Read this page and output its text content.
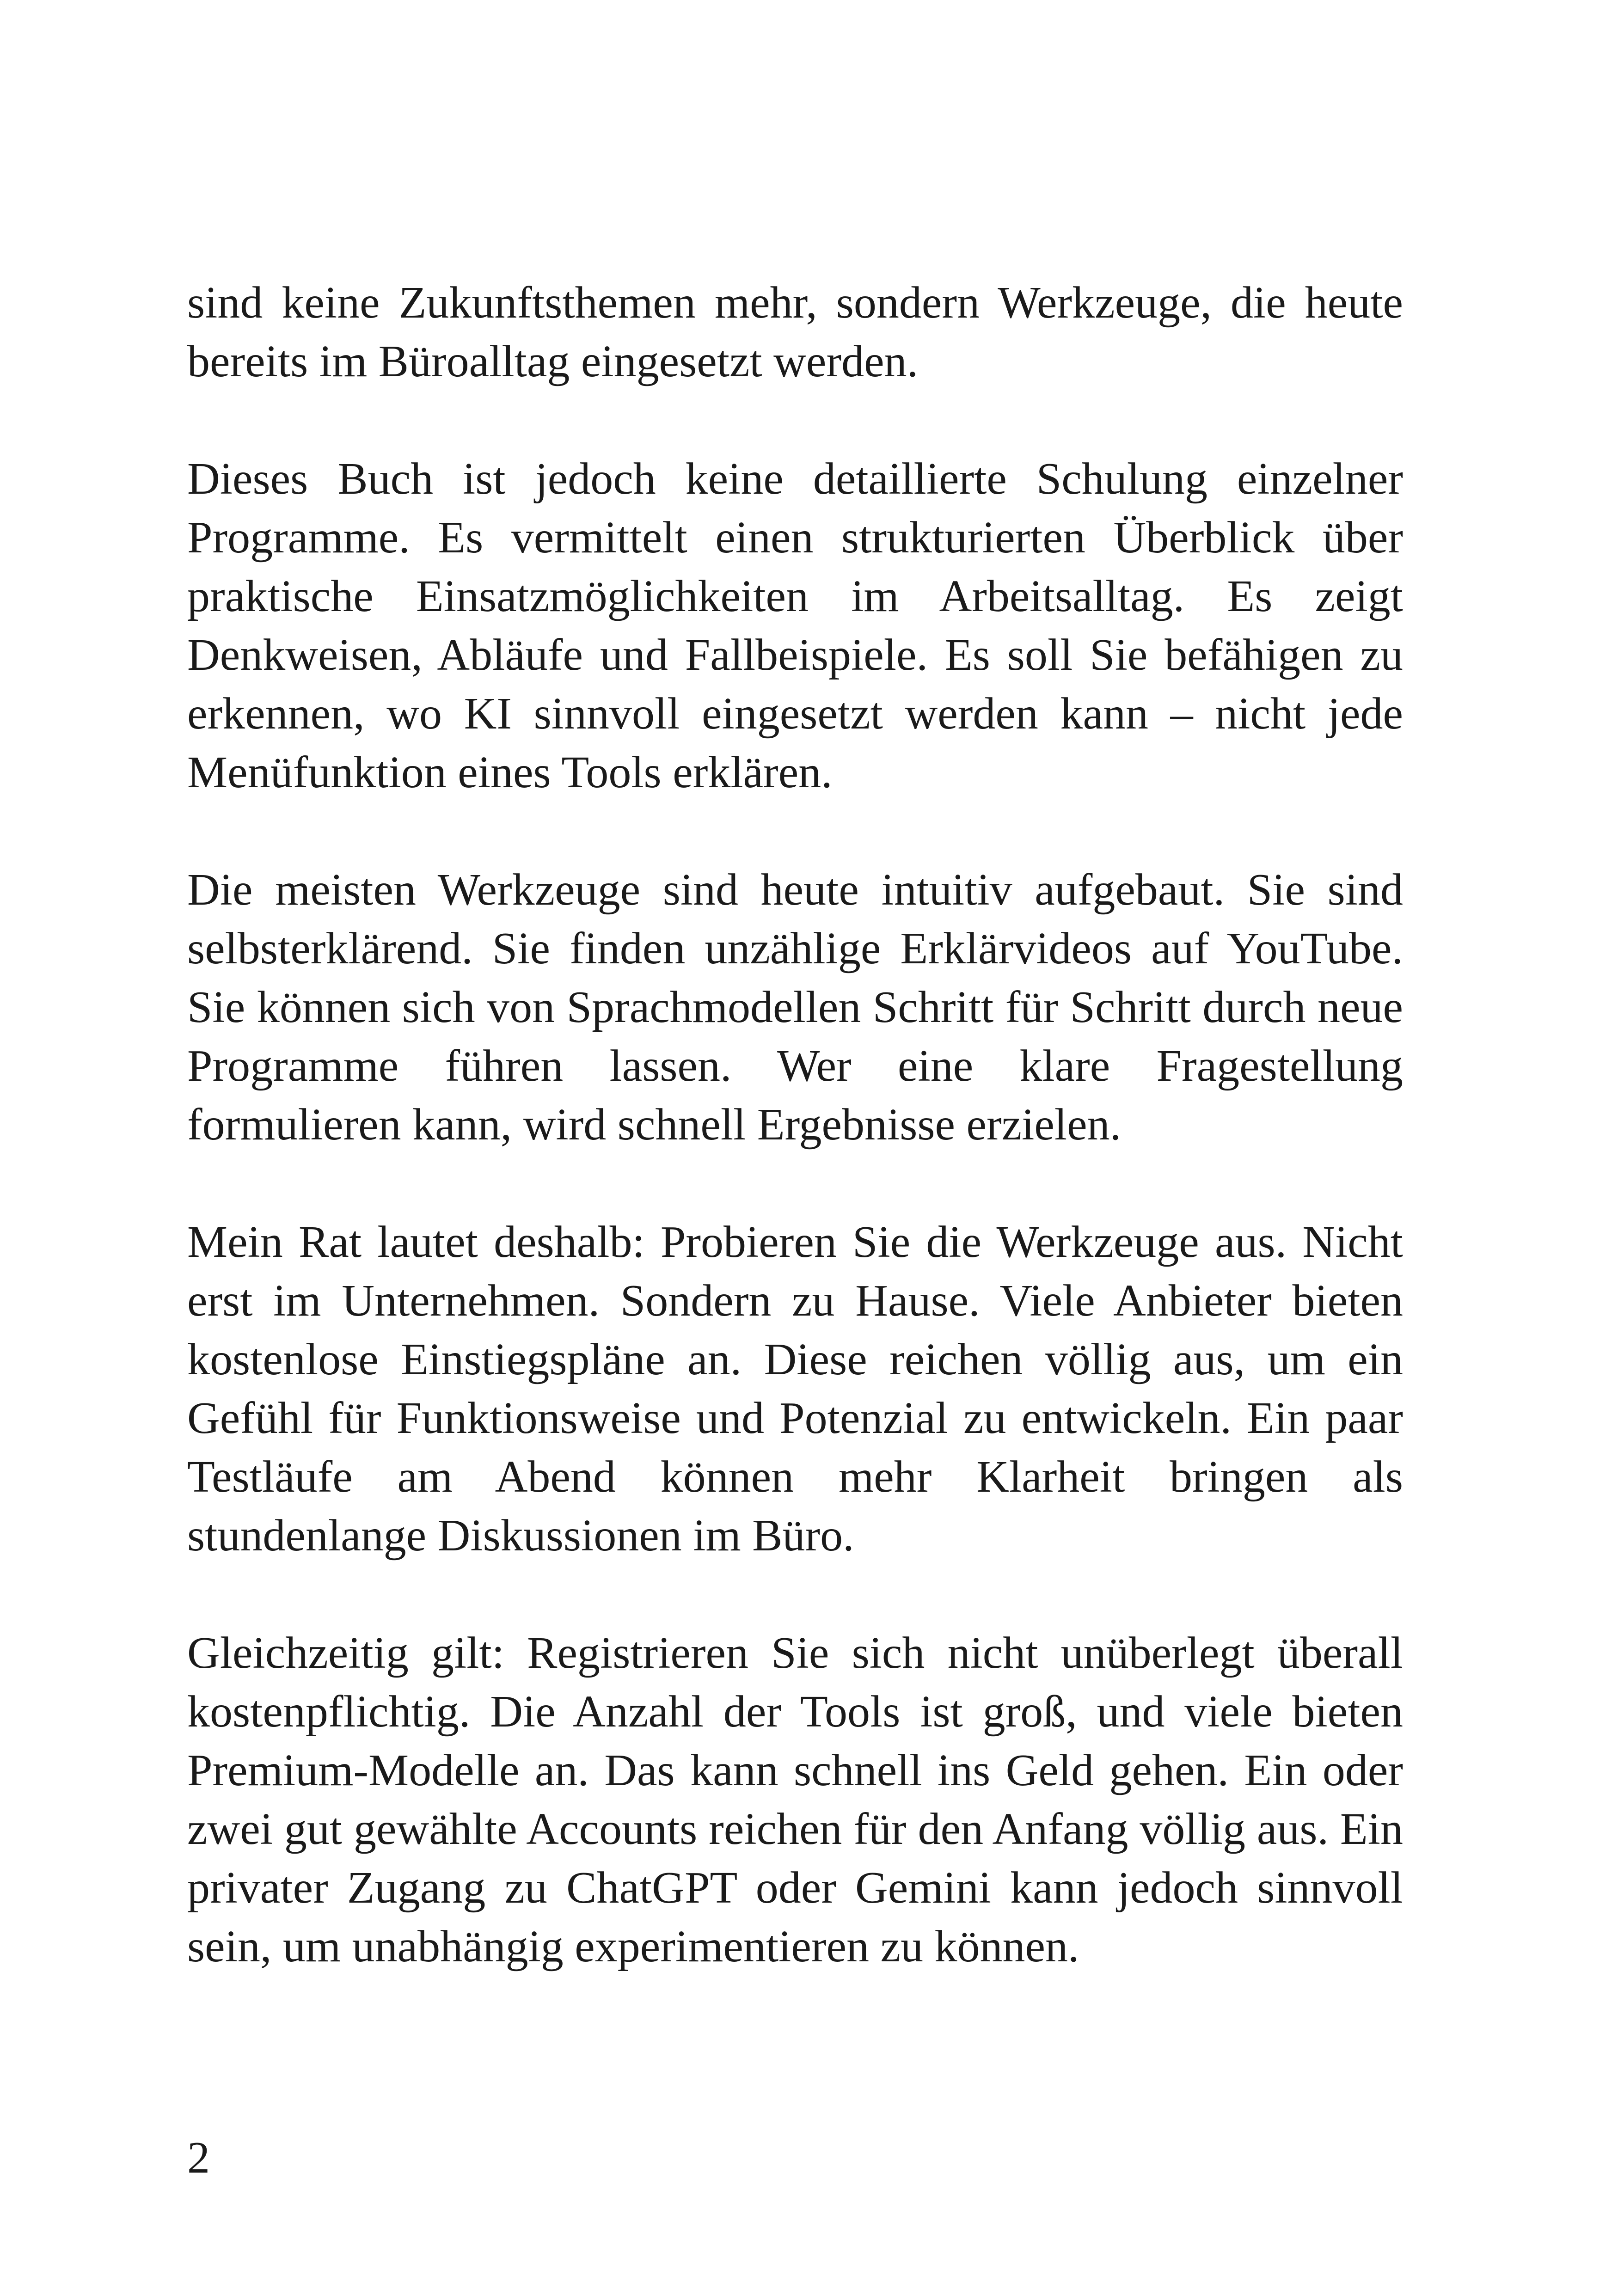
sind keine Zukunftsthemen mehr, sondern Werkzeuge, die heute bereits im Büroalltag eingesetzt werden.

Dieses Buch ist jedoch keine detaillierte Schulung einzelner Programme. Es vermittelt einen strukturierten Überblick über praktische Einsatzmöglichkeiten im Arbeitsalltag. Es zeigt Denkweisen, Abläufe und Fallbeispiele. Es soll Sie befähigen zu erkennen, wo KI sinnvoll eingesetzt werden kann – nicht jede Menüfunktion eines Tools erklären.

Die meisten Werkzeuge sind heute intuitiv aufgebaut. Sie sind selbsterklärend. Sie finden unzählige Erklärvideos auf YouTube. Sie können sich von Sprachmodellen Schritt für Schritt durch neue Programme führen lassen. Wer eine klare Fragestellung formulieren kann, wird schnell Ergebnisse erzielen.

Mein Rat lautet deshalb: Probieren Sie die Werkzeuge aus. Nicht erst im Unternehmen. Sondern zu Hause. Viele Anbieter bieten kostenlose Einstiegspläne an. Diese reichen völlig aus, um ein Gefühl für Funktionsweise und Potenzial zu entwickeln. Ein paar Testläufe am Abend können mehr Klarheit bringen als stundenlange Diskussionen im Büro.

Gleichzeitig gilt: Registrieren Sie sich nicht unüberlegt überall kostenpflichtig. Die Anzahl der Tools ist groß, und viele bieten Premium-Modelle an. Das kann schnell ins Geld gehen. Ein oder zwei gut gewählte Accounts reichen für den Anfang völlig aus. Ein privater Zugang zu ChatGPT oder Gemini kann jedoch sinnvoll sein, um unabhängig experimentieren zu können.

2
